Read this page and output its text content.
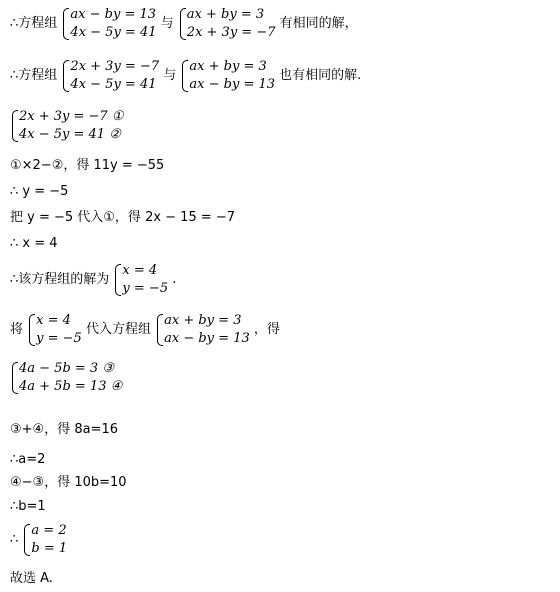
∴方程组
ax − by = 13
4x − 5y = 41
与
ax + by = 3
2x + 3y = −7
有相同的解，
∴方程组
2x + 3y = −7
4x − 5y = 41
与
ax + by = 3
ax − by = 13
也有相同的解.
2x + 3y = −7 ①
4x − 5y = 41 ②
①×2−②，得 11y = −55
∴ y = −5
把 y = −5 代入①，得 2x − 15 = −7
∴ x = 4
∴该方程组的解为
x = 4
y = −5
.
将
x = 4
y = −5
代入方程组
ax + by = 3
ax − by = 13
，得
4a − 5b = 3 ③
4a + 5b = 13 ④
③+④，得 8a=16
∴a=2
④−③，得 10b=10
∴b=1
∴
a = 2
b = 1
故选 A.
